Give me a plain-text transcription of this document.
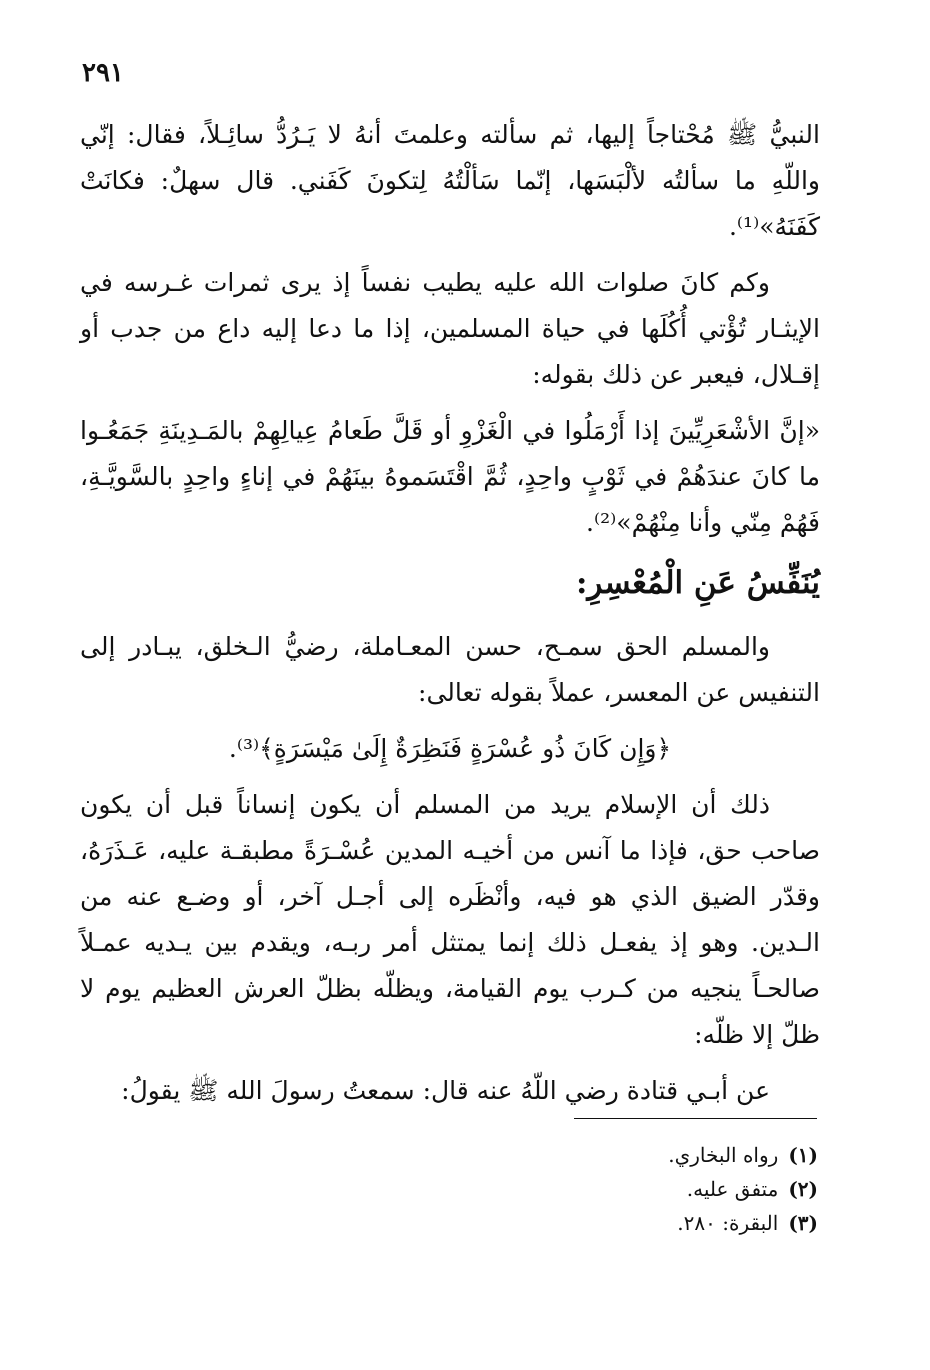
٢٩١

النبيُّ ﷺ مُحْتاجاً إليها، ثم سألته وعلمتَ أنهُ لا يَـرُدُّ سائِـلاً، فقال: إنّي واللّهِ ما سألتُه لألْبَسَها، إنّما سَألْتُهُ لِتكونَ كَفَني. قال سهلٌ: فكانَتْ كَفَنَهُ»⁽¹⁾.

وكم كانَ صلوات الله عليه يطيب نفساً إذ يرى ثمرات غـرسه في الإيثـار تُؤْتي أُكُلَها في حياة المسلمين، إذا ما دعا إليه داع من جدب أو إقـلال، فيعبر عن ذلك بقوله:

«إنَّ الأشْعَرِيِّينَ إذا أَرْمَلُوا في الْغَزْوِ أو قَلَّ طَعامُ عِيالِهِمْ بالمَـدِينَةِ جَمَعُـوا ما كانَ عندَهُمْ في ثَوْبٍ واحِدٍ، ثُمَّ اقْتَسَموهُ بينَهُمْ في إناءٍ واحِدٍ بالسَّويَّـةِ، فَهُمْ مِنّي وأنا مِنْهُمْ»⁽²⁾.

يُنَفِّسُ عَنِ الْمُعْسِرِ:

والمسلم الحق سمـح، حسن المعـاملة، رضيُّ الـخلق، يبـادر إلى التنفيس عن المعسر، عملاً بقوله تعالى:

﴿وَإِن كَانَ ذُو عُسْرَةٍ فَنَظِرَةٌ إِلَىٰ مَيْسَرَةٍ﴾⁽³⁾.

ذلك أن الإسلام يريد من المسلم أن يكون إنساناً قبل أن يكون صاحب حق، فإذا ما آنس من أخيـه المدين عُسْـرَةً مطبقـة عليه، عَـذَرَهُ، وقدّر الضيق الذي هو فيه، وأنْظَره إلى أجـل آخر، أو وضـع عنه من الـدين. وهو إذ يفعـل ذلك إنما يمتثل أمر ربـه، ويقدم بين يـديه عمـلاً صالحـاً ينجيه من كـرب يوم القيامة، ويظلّه بظلّ العرش العظيم يوم لا ظلّ إلا ظلّه:

عن أبـي قتادة رضي اللّهُ عنه قال: سمعتُ رسولَ الله ﷺ يقولُ:

(١)
رواه البخاري.
(٢)
متفق عليه.
(٣)
البقرة: ٢٨٠.
